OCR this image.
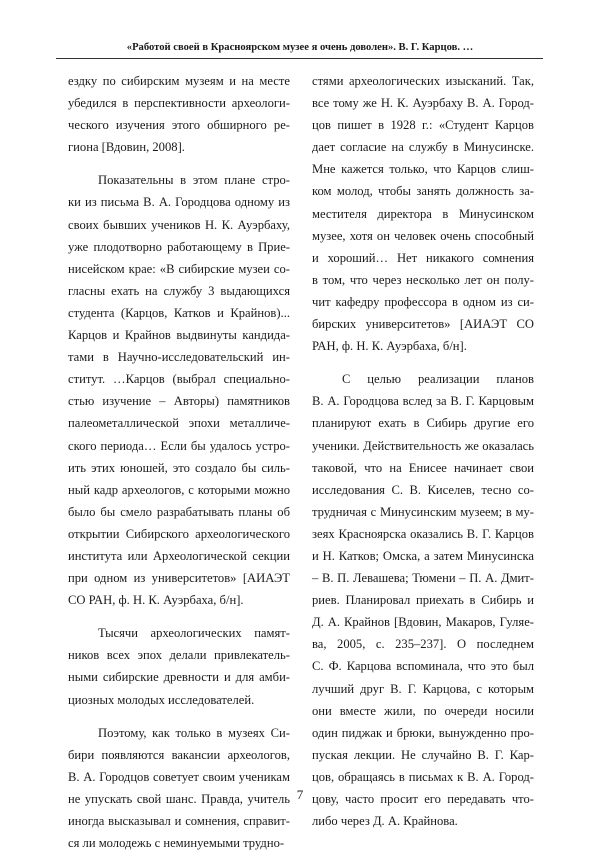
«Работой своей в Красноярском музее я очень доволен». В. Г. Карцов. …
ездку по сибирским музеям и на месте
убедился в перспективности археологи-
ческого изучения этого обширного ре-
гиона [Вдовин, 2008].
Показательны в этом плане стро-
ки из письма В. А. Городцова одному из
своих бывших учеников Н. К. Ауэрбаху,
уже плодотворно работающему в Прие-
нисейском крае: «В сибирские музеи со-
гласны ехать на службу 3 выдающихся
студента (Карцов, Катков и Крайнов)...
Карцов и Крайнов выдвинуты кандида-
тами в Научно-исследовательский ин-
ститут. …Карцов (выбрал специально-
стью изучение – Авторы) памятников
палеометаллической эпохи металличе-
ского периода… Если бы удалось устро-
ить этих юношей, это создало бы силь-
ный кадр археологов, с которыми можно
было бы смело разрабатывать планы об
открытии Сибирского археологического
института или Археологической секции
при одном из университетов» [АИАЭТ
СО РАН, ф. Н. К. Ауэрбаха, б/н].
Тысячи археологических памят-
ников всех эпох делали привлекатель-
ными сибирские древности и для амби-
циозных молодых исследователей.
Поэтому, как только в музеях Си-
бири появляются вакансии археологов,
В. А. Городцов советует своим ученикам
не упускать свой шанс. Правда, учитель
иногда высказывал и сомнения, справит-
ся ли молодежь с неминуемыми трудно-
стями археологических изысканий. Так,
все тому же Н. К. Ауэрбаху В. А. Город-
цов пишет в 1928 г.: «Студент Карцов
дает согласие на службу в Минусинске.
Мне кажется только, что Карцов слиш-
ком молод, чтобы занять должность за-
местителя директора в Минусинском
музее, хотя он человек очень способный
и хороший… Нет никакого сомнения
в том, что через несколько лет он полу-
чит кафедру профессора в одном из си-
бирских университетов» [АИАЭТ СО
РАН, ф. Н. К. Ауэрбаха, б/н].
С целью реализации планов
В. А. Городцова вслед за В. Г. Карцовым
планируют ехать в Сибирь другие его
ученики. Действительность же оказалась
таковой, что на Енисее начинает свои
исследования С. В. Киселев, тесно со-
трудничая с Минусинским музеем; в му-
зеях Красноярска оказались В. Г. Карцов
и Н. Катков; Омска, а затем Минусинска
– В. П. Левашева; Тюмени – П. А. Дмит-
риев. Планировал приехать в Сибирь и
Д. А. Крайнов [Вдовин, Макаров, Гуляе-
ва, 2005, с. 235–237]. О последнем
С. Ф. Карцова вспоминала, что это был
лучший друг В. Г. Карцова, с которым
они вместе жили, по очереди носили
один пиджак и брюки, вынужденно про-
пуская лекции. Не случайно В. Г. Кар-
цов, обращаясь в письмах к В. А. Город-
цову, часто просит его передавать что-
либо через Д. А. Крайнова.
7
